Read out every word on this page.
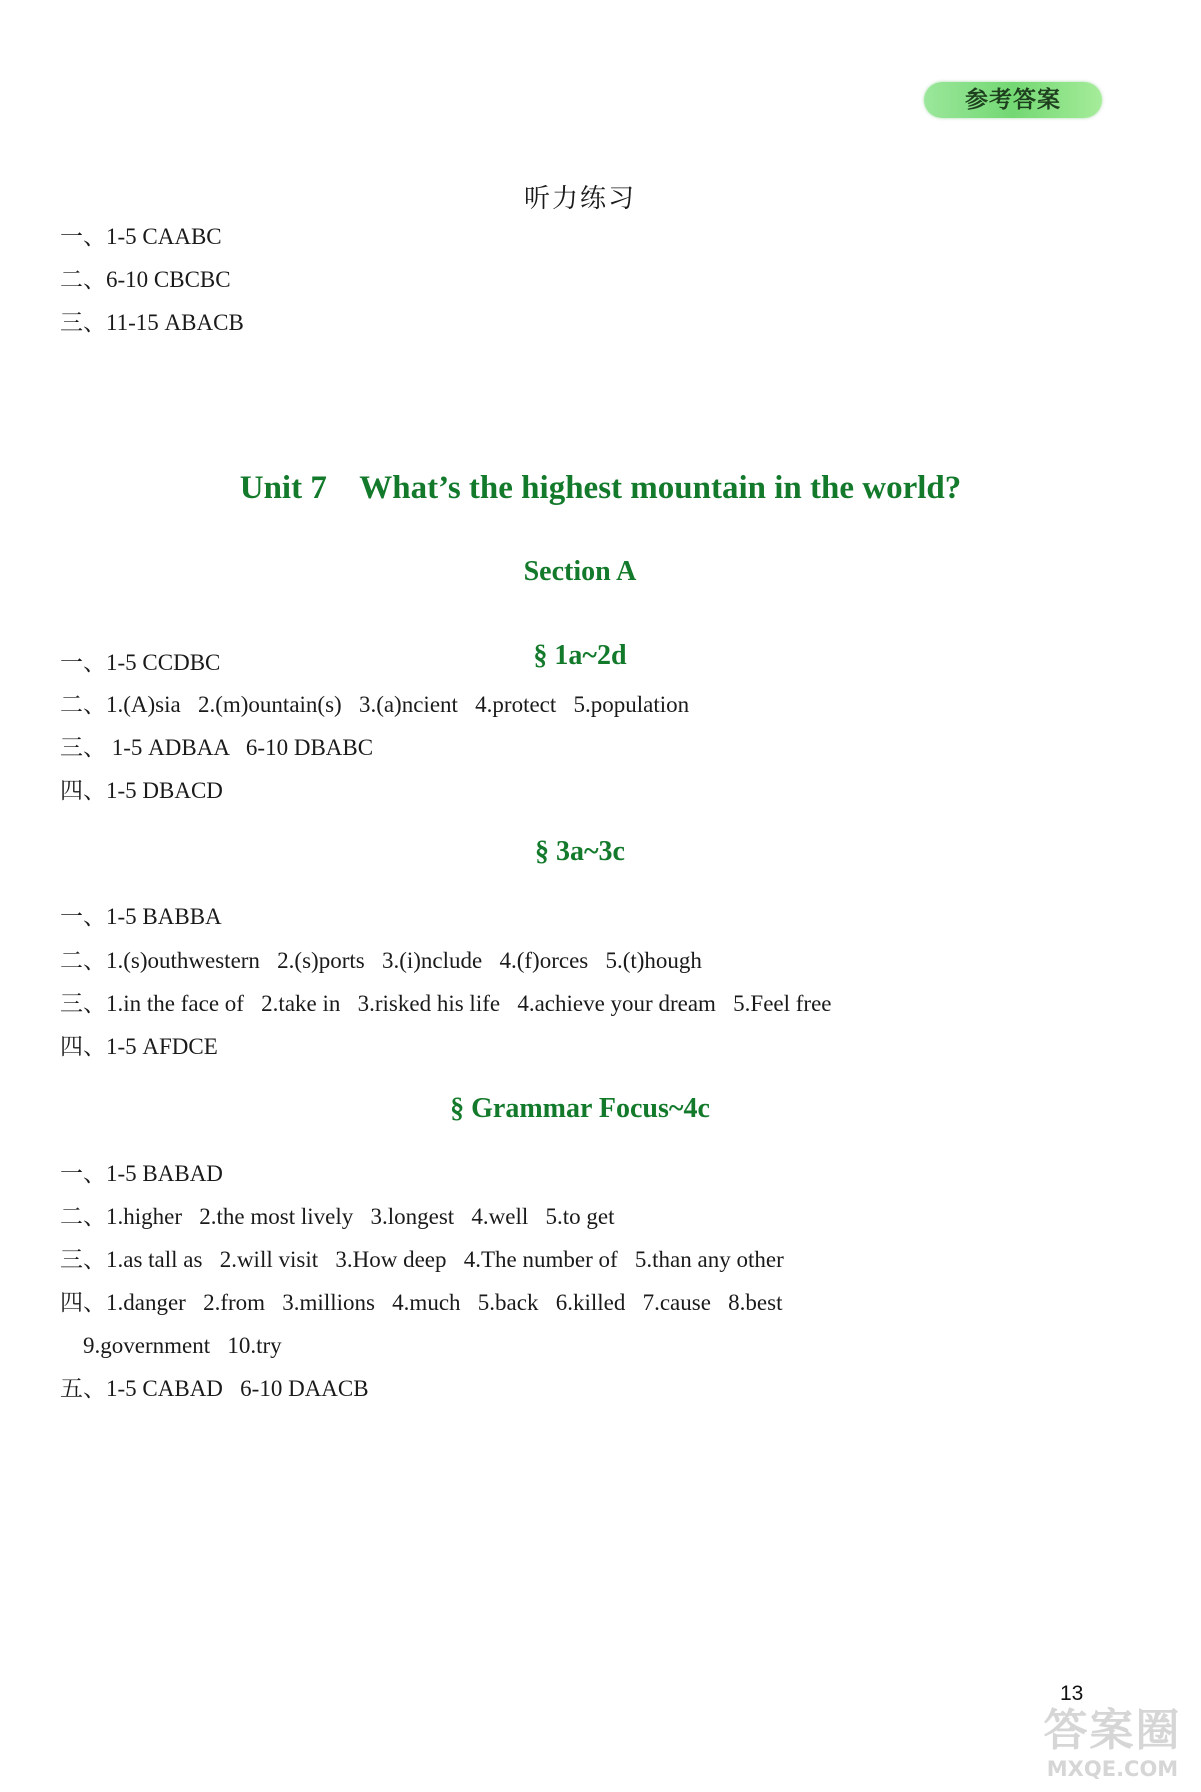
参考答案
听力练习
一、1-5 CAABC
二、6-10 CBCBC
三、11-15 ABACB
Unit 7    What’s the highest mountain in the world?
Section A
§ 1a~2d
一、1-5 CCDBC
二、1.(A)sia   2.(m)ountain(s)   3.(a)ncient   4.protect   5.population
三、 1-5 ADBAA   6-10 DBABC
四、1-5 DBACD
§ 3a~3c
一、1-5 BABBA
二、1.(s)outhwestern   2.(s)ports   3.(i)nclude   4.(f)orces   5.(t)hough
三、1.in the face of   2.take in   3.risked his life   4.achieve your dream   5.Feel free
四、1-5 AFDCE
§ Grammar Focus~4c
一、1-5 BABAD
二、1.higher   2.the most lively   3.longest   4.well   5.to get
三、1.as tall as   2.will visit   3.How deep   4.The number of   5.than any other
四、1.danger   2.from   3.millions   4.much   5.back   6.killed   7.cause   8.best
9.government   10.try
五、1-5 CABAD   6-10 DAACB
13
答案圈
MXQE.COM
